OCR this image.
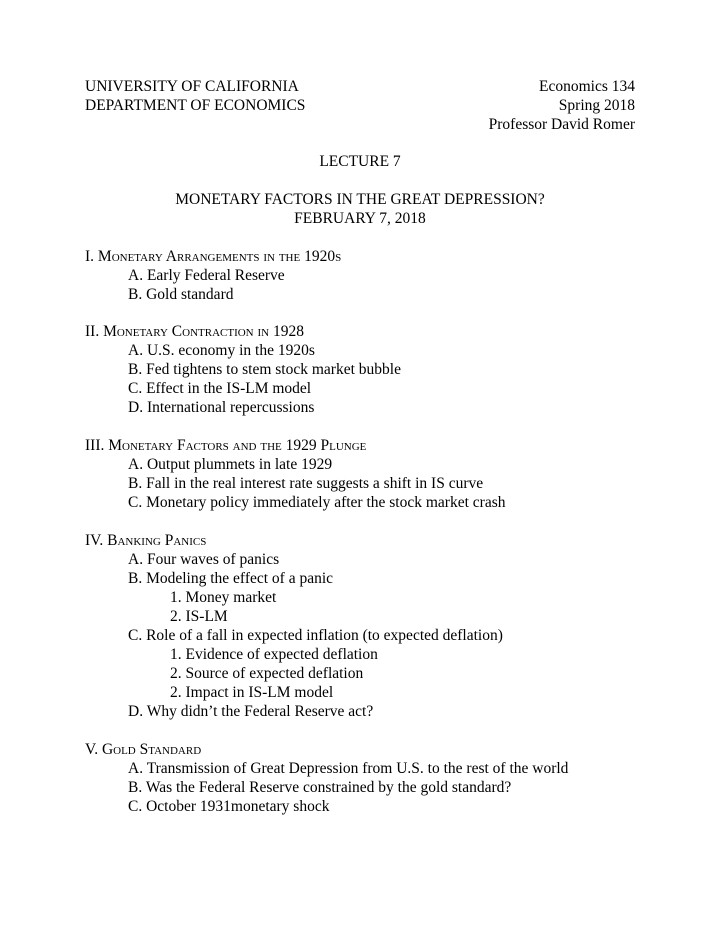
UNIVERSITY OF CALIFORNIA
DEPARTMENT OF ECONOMICS
Economics 134
Spring 2018
Professor David Romer
LECTURE 7
MONETARY FACTORS IN THE GREAT DEPRESSION?
FEBRUARY 7, 2018
I. Monetary Arrangements in the 1920s
A. Early Federal Reserve
B. Gold standard
II. Monetary Contraction in 1928
A. U.S. economy in the 1920s
B. Fed tightens to stem stock market bubble
C. Effect in the IS-LM model
D. International repercussions
III. Monetary Factors and the 1929 Plunge
A. Output plummets in late 1929
B. Fall in the real interest rate suggests a shift in IS curve
C. Monetary policy immediately after the stock market crash
IV. Banking Panics
A. Four waves of panics
B. Modeling the effect of a panic
1. Money market
2. IS-LM
C. Role of a fall in expected inflation (to expected deflation)
1. Evidence of expected deflation
2. Source of expected deflation
2. Impact in IS-LM model
D. Why didn’t the Federal Reserve act?
V. Gold Standard
A. Transmission of Great Depression from U.S. to the rest of the world
B. Was the Federal Reserve constrained by the gold standard?
C. October 1931monetary shock
